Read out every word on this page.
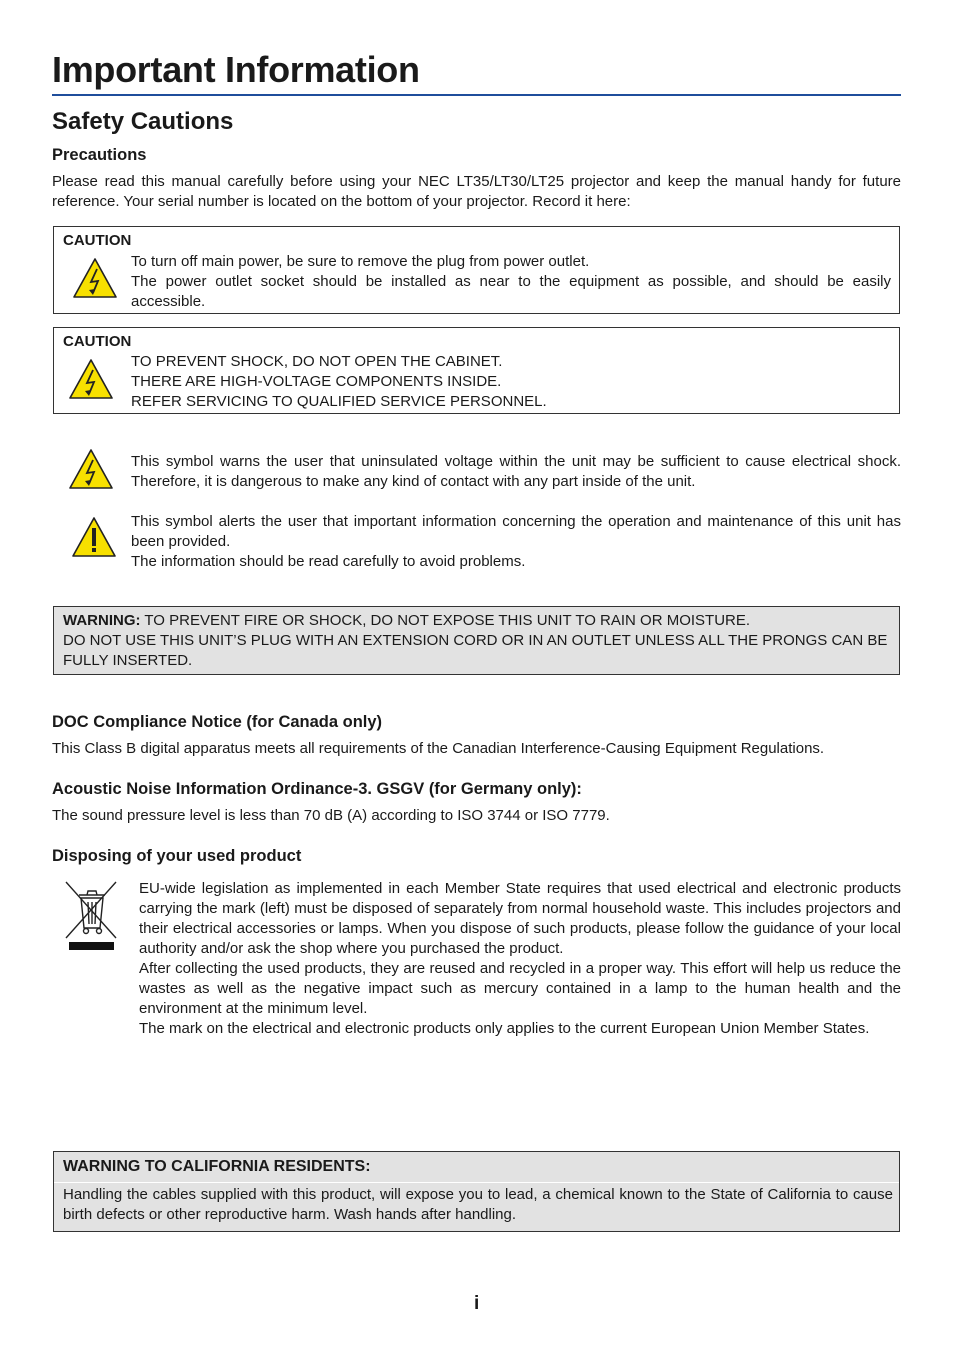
Important Information
Safety Cautions
Precautions
Please read this manual carefully before using your NEC LT35/LT30/LT25 projector and keep the manual handy for future reference. Your serial number is located on the bottom of your projector. Record it here:
CAUTION
To turn off main power, be sure to remove the plug from power outlet.
The power outlet socket should be installed as near to the equipment as possible, and should be easily accessible.
CAUTION
TO PREVENT SHOCK, DO NOT OPEN THE CABINET.
THERE ARE HIGH-VOLTAGE COMPONENTS INSIDE.
REFER SERVICING TO QUALIFIED SERVICE PERSONNEL.
This symbol warns the user that uninsulated voltage within the unit may be sufficient to cause electrical shock. Therefore, it is dangerous to make any kind of contact with any part inside of the unit.
This symbol alerts the user that important information concerning the operation and maintenance of this unit has been provided.
The information should be read carefully to avoid problems.
WARNING: TO PREVENT FIRE OR SHOCK, DO NOT EXPOSE THIS UNIT TO RAIN OR MOISTURE.
DO NOT USE THIS UNIT’S PLUG WITH AN EXTENSION CORD OR IN AN OUTLET UNLESS ALL THE PRONGS CAN BE FULLY INSERTED.
DOC Compliance Notice (for Canada only)
This Class B digital apparatus meets all requirements of the Canadian Interference-Causing Equipment Regulations.
Acoustic Noise Information Ordinance-3. GSGV (for Germany only):
The sound pressure level is less than 70 dB (A) according to ISO 3744 or ISO 7779.
Disposing of your used product
EU-wide legislation as implemented in each Member State requires that used electrical and electronic products carrying the mark (left) must be disposed of separately from normal household waste. This includes projectors and their electrical accessories or lamps. When you dispose of such products, please follow the guidance of your local authority and/or ask the shop where you purchased the product.
After collecting the used products, they are reused and recycled in a proper way. This effort will help us reduce the wastes as well as the negative impact such as mercury contained in a lamp to the human health and the environment at the minimum level.
The mark on the electrical and electronic products only applies to the current European Union Member States.
WARNING TO CALIFORNIA RESIDENTS:
Handling the cables supplied with this product, will expose you to lead, a chemical known to the State of California to cause birth defects or other reproductive harm. Wash hands after handling.
i
